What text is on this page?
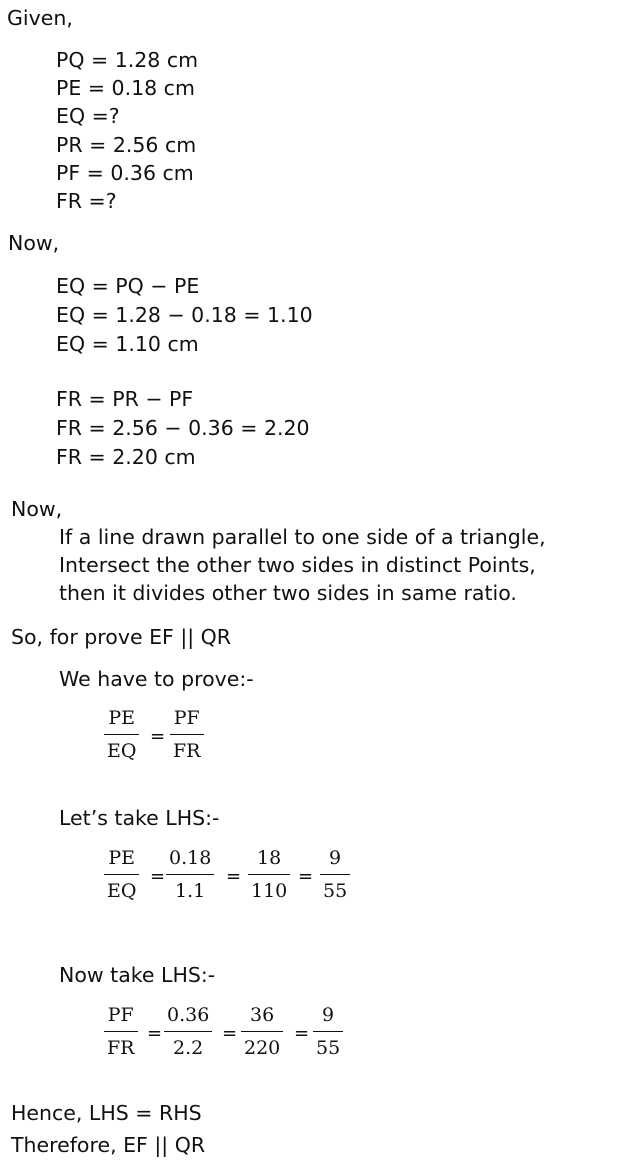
Given,
PQ = 1.28 cm
PE = 0.18 cm
EQ =?
PR = 2.56 cm
PF = 0.36 cm
FR =?
Now,
EQ = PQ − PE
EQ = 1.28 − 0.18 = 1.10
EQ = 1.10 cm
FR = PR − PF
FR = 2.56 − 0.36 = 2.20
FR = 2.20 cm
Now,
If a line drawn parallel to one side of a triangle,
Intersect the other two sides in distinct Points,
then it divides other two sides in same ratio.
So, for prove EF || QR
We have to prove:-
PE
EQ
=
PF
FR
Let’s take LHS:-
PE
EQ
=
0.18
1.1
=
18
110
=
9
55
Now take LHS:-
PF
FR
=
0.36
2.2
=
36
220
=
9
55
Hence, LHS = RHS
Therefore, EF || QR
